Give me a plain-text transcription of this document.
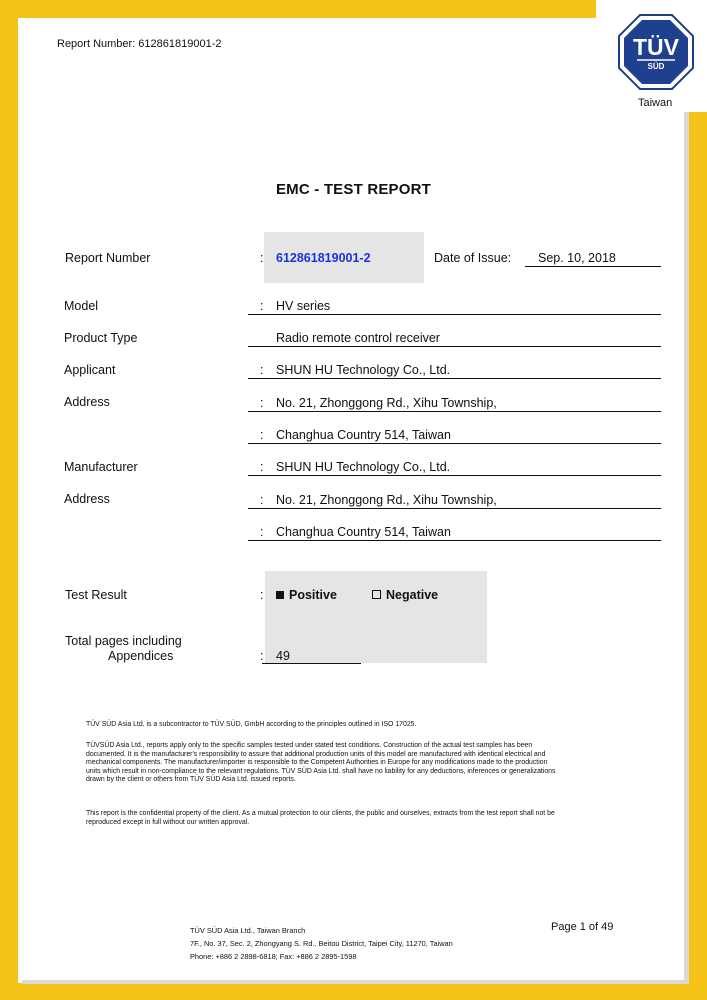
TÜV
SÜD
Taiwan
Report Number: 612861819001-2
EMC - TEST REPORT
Report Number	: 612861819001-2	Date of Issue: Sep. 10, 2018
Model	: HV series
Product Type	Radio remote control receiver
Applicant	: SHUN HU Technology Co., Ltd.
Address	: No. 21, Zhonggong Rd., Xihu Township,
: Changhua Country 514, Taiwan
Manufacturer	: SHUN HU Technology Co., Ltd.
Address	: No. 21, Zhonggong Rd., Xihu Township,
: Changhua Country 514, Taiwan
Test Result	:	Positive	Negative
Total pages including
Appendices	: 49
TÜV SÜD Asia Ltd. is a subcontractor to TÜV SÜD, GmbH according to the principles outlined in ISO 17025.
TÜVSÜD Asia Ltd., reports apply only to the specific samples tested under stated test conditions. Construction of the actual test samples has been documented. It is the manufacturer's responsibility to assure that additional production units of this model are manufactured with identical electrical and mechanical components. The manufacturer/importer is responsible to the Competent Authorities in Europe for any modifications made to the production units which result in non-compliance to the relevant regulations. TÜV SÜD Asia Ltd. shall have no liability for any deductions, inferences or generalizations drawn by the client or others from TÜV SÜD Asia Ltd. issued reports.
This report is the confidential property of the client. As a mutual protection to our clients, the public and ourselves, extracts from the test report shall not be reproduced except in full without our written approval.
TÜV SÜD Asia Ltd., Taiwan Branch
7F., No. 37, Sec. 2, Zhongyang S. Rd., Beitou District, Taipei City, 11270, Taiwan
Phone: +886 2 2898-6818; Fax: +886 2 2895-1598
Page 1 of 49
